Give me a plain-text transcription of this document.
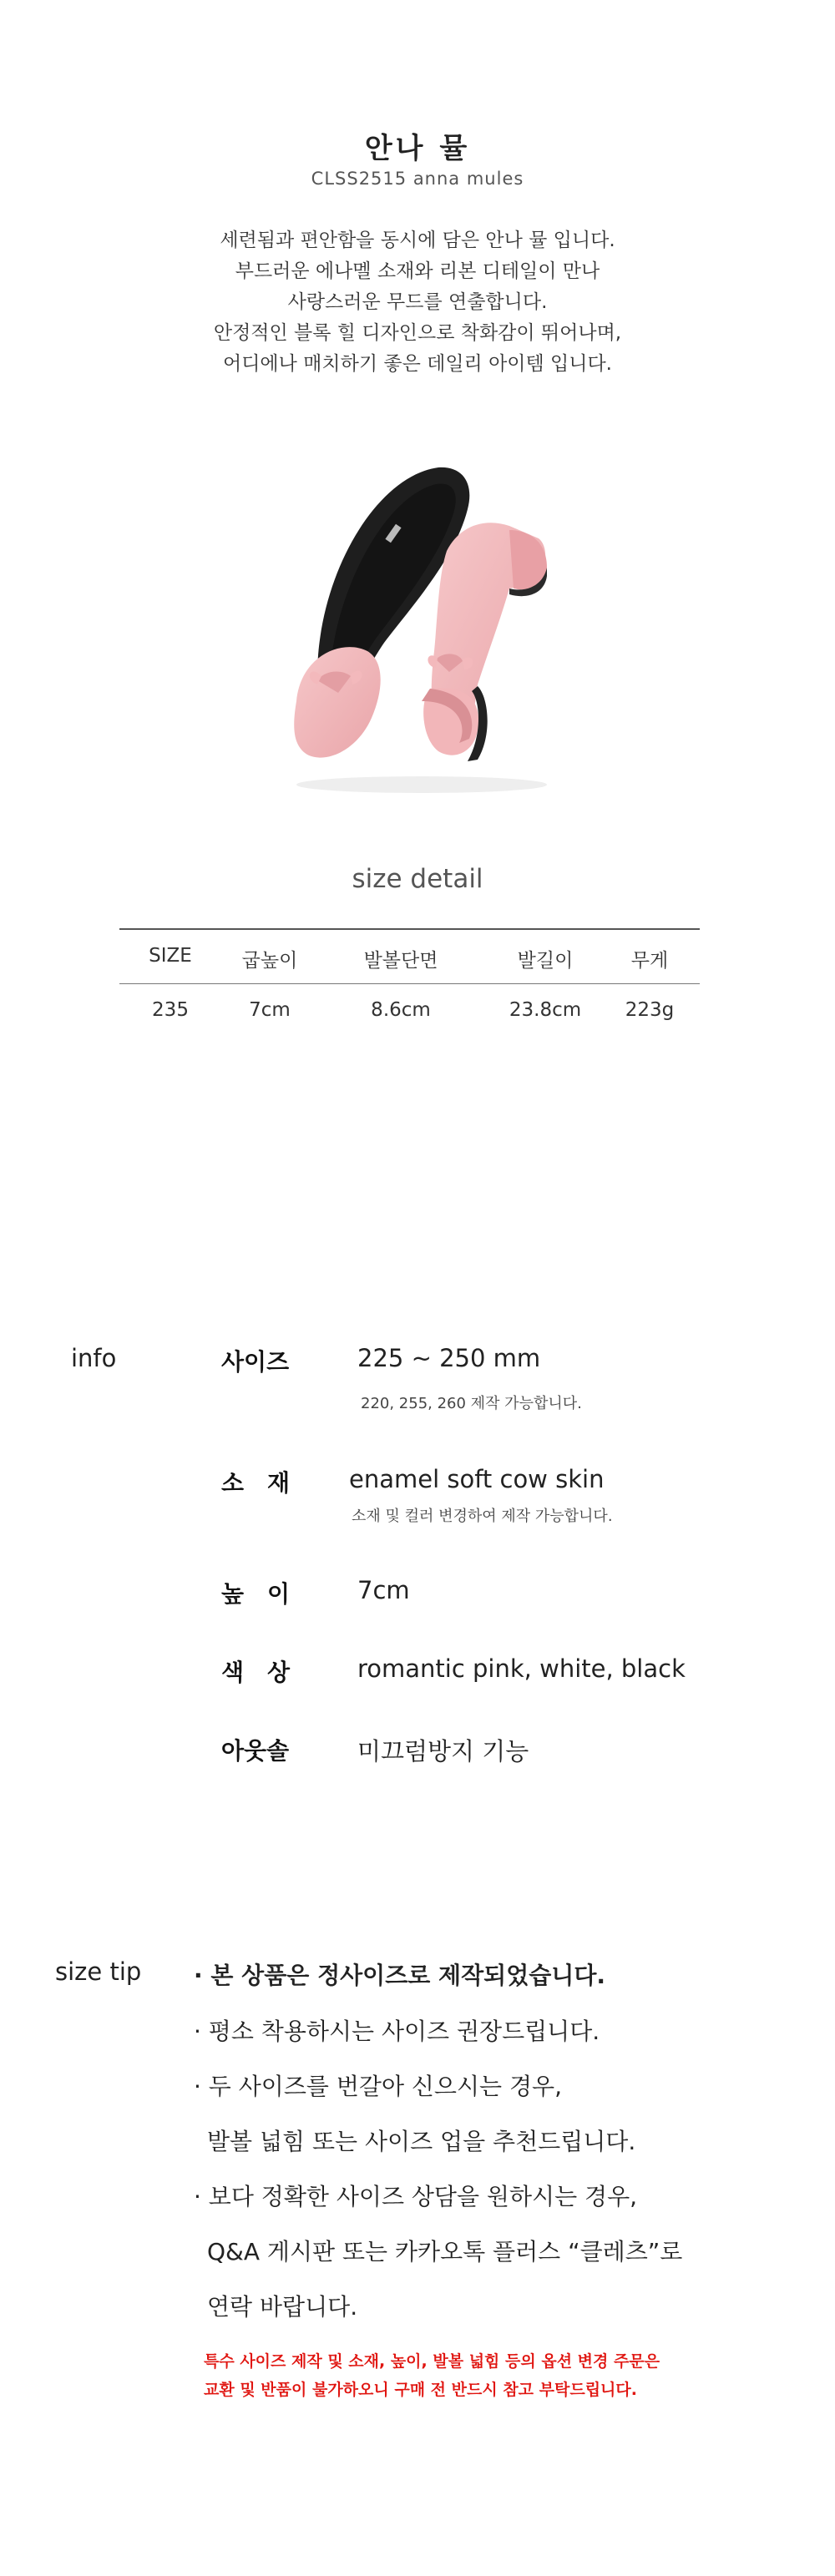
안나 뮬
CLSS2515 anna mules
세련됨과 편안함을 동시에 담은 안나 뮬 입니다.
부드러운 에나멜 소재와 리본 디테일이 만나
사랑스러운 무드를 연출합니다.
안정적인 블록 힐 디자인으로 착화감이 뛰어나며,
어디에나 매치하기 좋은 데일리 아이템 입니다.
size detail
SIZE	굽높이	발볼단면	발길이	무게
235	7cm	8.6cm	23.8cm 223g
info	사이즈	225 ~ 250 mm
220, 255, 260 제작 가능합니다.
소　재 enamel soft cow skin
소재 및 컬러 변경하여 제작 가능합니다.
높　이	7cm
색　상	romantic pink, white, black
아웃솔	미끄럼방지 기능
size tip · 본 상품은 정사이즈로 제작되었습니다.
· 평소 착용하시는 사이즈 권장드립니다.
· 두 사이즈를 번갈아 신으시는 경우,
발볼 넓힘 또는 사이즈 업을 추천드립니다.
· 보다 정확한 사이즈 상담을 원하시는 경우,
Q&A 게시판 또는 카카오톡 플러스 “클레츠”로
연락 바랍니다.
특수 사이즈 제작 및 소재, 높이, 발볼 넓힘 등의 옵션 변경 주문은
교환 및 반품이 불가하오니 구매 전 반드시 참고 부탁드립니다.
